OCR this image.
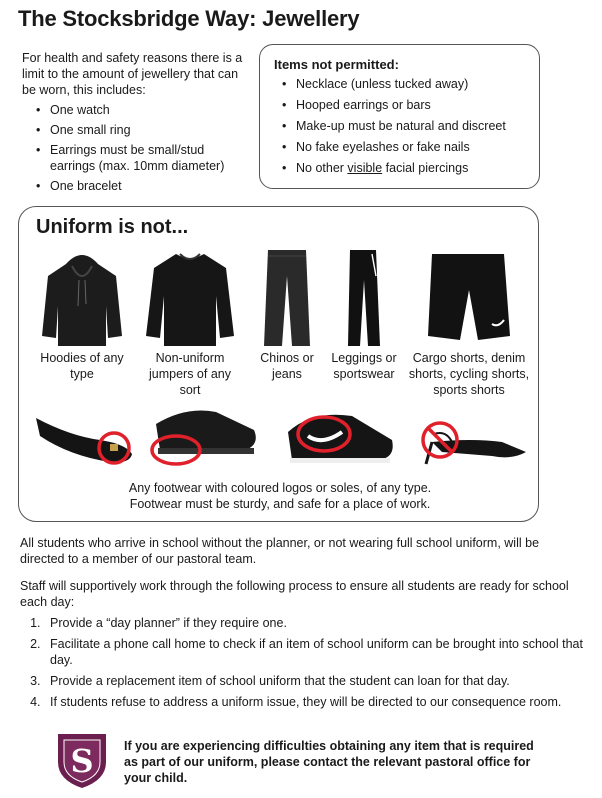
The Stocksbridge Way: Jewellery
For health and safety reasons there is a limit to the amount of jewellery that can be worn, this includes:
• One watch
• One small ring
• Earrings must be small/stud earrings (max. 10mm diameter)
• One bracelet
Items not permitted:
• Necklace (unless tucked away)
• Hooped earrings or bars
• Make-up must be natural and discreet
• No fake eyelashes or fake nails
• No other visible facial piercings
Uniform is not...
Hoodies of any type
Non-uniform jumpers of any sort
Chinos or jeans
Leggings or sportswear
Cargo shorts, denim shorts, cycling shorts, sports shorts
Any footwear with coloured logos or soles, of any type.
Footwear must be sturdy, and safe for a place of work.
All students who arrive in school without the planner, or not wearing full school uniform, will be directed to a member of our pastoral team.
Staff will supportively work through the following process to ensure all students are ready for school each day:
1. Provide a “day planner” if they require one.
2. Facilitate a phone call home to check if an item of school uniform can be brought into school that day.
3. Provide a replacement item of school uniform that the student can loan for that day.
4. If students refuse to address a uniform issue, they will be directed to our consequence room.
S If you are experiencing difficulties obtaining any item that is required as part of our uniform, please contact the relevant pastoral office for your child.
